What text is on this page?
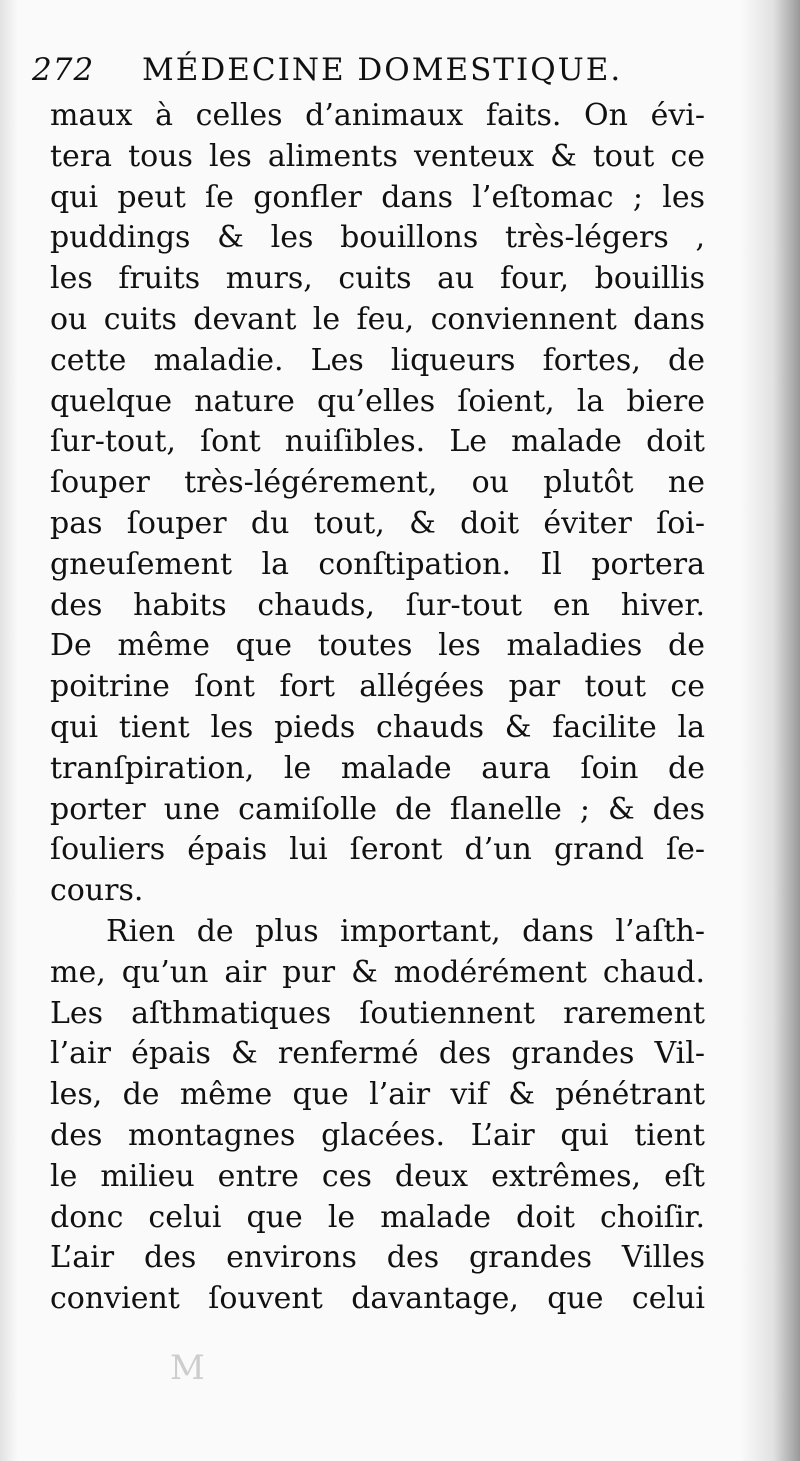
272 MÉDECINE DOMESTIQUE.
maux à celles d’animaux faits. On évi-
tera tous les aliments venteux & tout ce
qui peut ſe gonfler dans l’eſtomac ; les
puddings & les bouillons très-légers ,
les fruits murs, cuits au four, bouillis
ou cuits devant le feu, conviennent dans
cette maladie. Les liqueurs fortes, de
quelque nature qu’elles ſoient, la biere
ſur-tout, ſont nuiſibles. Le malade doit
ſouper très-légérement, ou plutôt ne
pas ſouper du tout, & doit éviter ſoi-
gneuſement la conſtipation. Il portera
des habits chauds, ſur-tout en hiver.
De même que toutes les maladies de
poitrine ſont fort allégées par tout ce
qui tient les pieds chauds & facilite la
tranſpiration, le malade aura ſoin de
porter une camiſolle de flanelle ; & des
ſouliers épais lui ſeront d’un grand ſe-
cours.
Rien de plus important, dans l’aſth-
me, qu’un air pur & modérément chaud.
Les aſthmatiques ſoutiennent rarement
l’air épais & renfermé des grandes Vil-
les, de même que l’air vif & pénétrant
des montagnes glacées. L’air qui tient
le milieu entre ces deux extrêmes, eſt
donc celui que le malade doit choiſir.
L’air des environs des grandes Villes
convient ſouvent davantage, que celui
M
